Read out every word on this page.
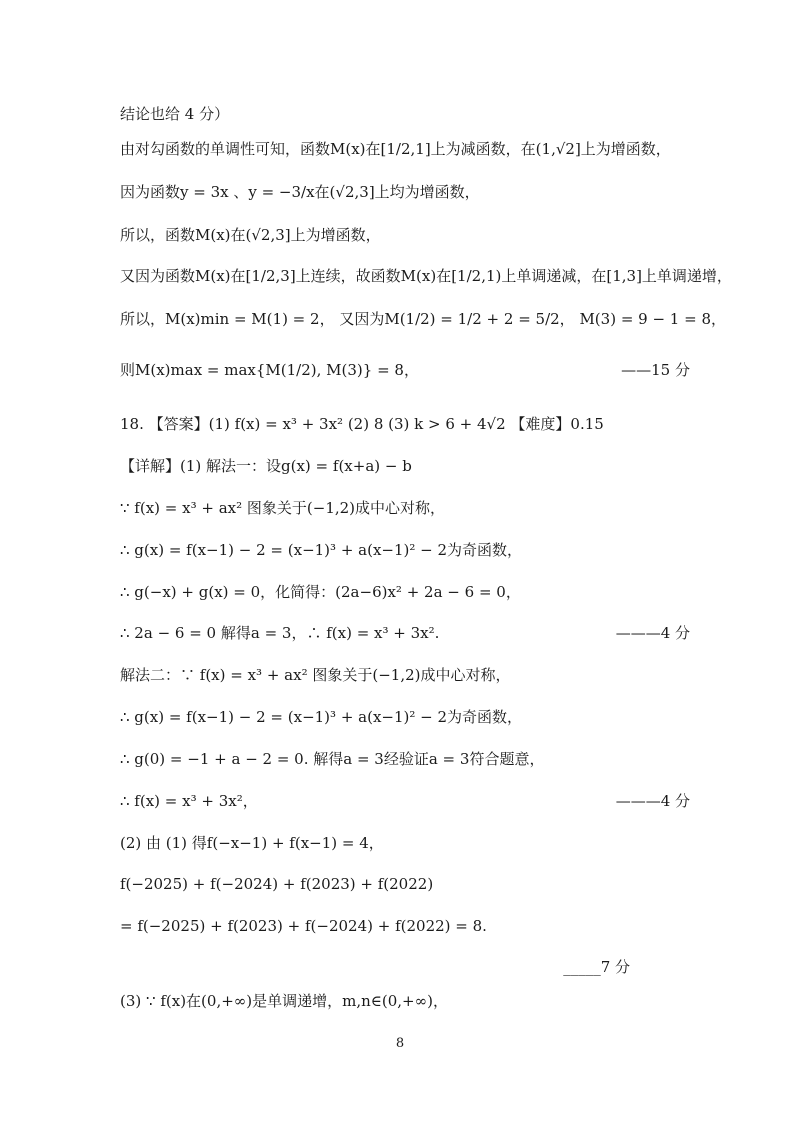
结论也给 4 分）
由对勾函数的单调性可知，函数M(x)在[1/2,1]上为减函数，在(1,√2]上为增函数，
因为函数y = 3x 、y = −3/x在(√2,3]上均为增函数，
所以，函数M(x)在(√2,3]上为增函数，
又因为函数M(x)在[1/2,3]上连续，故函数M(x)在[1/2,1)上单调递减，在[1,3]上单调递增，
所以，M(x)min = M(1) = 2， 又因为M(1/2) = 1/2 + 2 = 5/2， M(3) = 9 − 1 = 8，
则M(x)max = max{M(1/2), M(3)} = 8，	——15 分
18. 【答案】(1) f(x) = x³ + 3x² (2) 8 (3) k > 6 + 4√2 【难度】0.15
【详解】(1) 解法一：设g(x) = f(x+a) − b
∵ f(x) = x³ + ax² 图象关于(−1,2)成中心对称，
∴ g(x) = f(x−1) − 2 = (x−1)³ + a(x−1)² − 2为奇函数，
∴ g(−x) + g(x) = 0，化简得：(2a−6)x² + 2a − 6 = 0，
∴ 2a − 6 = 0 解得a = 3，∴ f(x) = x³ + 3x².	———4 分
解法二：∵ f(x) = x³ + ax² 图象关于(−1,2)成中心对称，
∴ g(x) = f(x−1) − 2 = (x−1)³ + a(x−1)² − 2为奇函数，
∴ g(0) = −1 + a − 2 = 0. 解得a = 3经验证a = 3符合题意，
∴ f(x) = x³ + 3x²，	———4 分
(2) 由 (1) 得f(−x−1) + f(x−1) = 4，
f(−2025) + f(−2024) + f(2023) + f(2022)
= f(−2025) + f(2023) + f(−2024) + f(2022) = 8.
_____7 分
(3) ∵ f(x)在(0,+∞)是单调递增，m,n∈(0,+∞)，
8
